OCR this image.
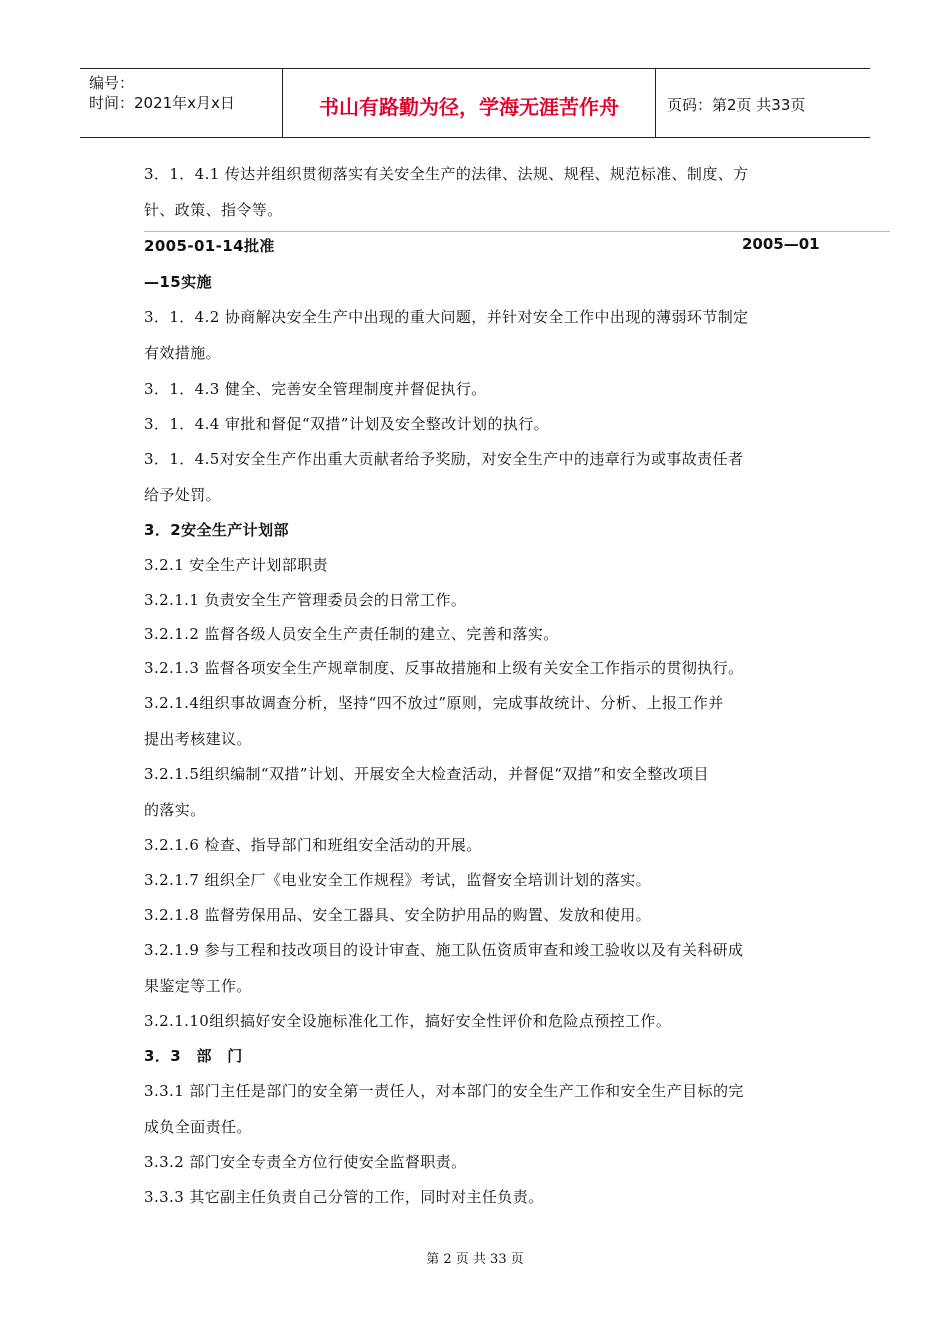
编号：
时间：2021年x月x日	书山有路勤为径，学海无涯苦作舟	页码：第2页 共33页
3．1．4.1 传达并组织贯彻落实有关安全生产的法律、法规、规程、规范标准、制度、方
针、政策、指令等。
2005-01-14批准	2005—01
—15实施
3．1．4.2 协商解决安全生产中出现的重大问题，并针对安全工作中出现的薄弱环节制定
有效措施。
3．1．4.3 健全、完善安全管理制度并督促执行。
3．1．4.4 审批和督促“双措”计划及安全整改计划的执行。
3．1．4.5对安全生产作出重大贡献者给予奖励，对安全生产中的违章行为或事故责任者
给予处罚。
3．2安全生产计划部
3.2.1 安全生产计划部职责
3.2.1.1 负责安全生产管理委员会的日常工作。
3.2.1.2 监督各级人员安全生产责任制的建立、完善和落实。
3.2.1.3 监督各项安全生产规章制度、反事故措施和上级有关安全工作指示的贯彻执行。
3.2.1.4组织事故调查分析，坚持“四不放过”原则，完成事故统计、分析、上报工作并
提出考核建议。
3.2.1.5组织编制“双措”计划、开展安全大检查活动，并督促“双措”和安全整改项目
的落实。
3.2.1.6 检查、指导部门和班组安全活动的开展。
3.2.1.7 组织全厂《电业安全工作规程》考试，监督安全培训计划的落实。
3.2.1.8 监督劳保用品、安全工器具、安全防护用品的购置、发放和使用。
3.2.1.9 参与工程和技改项目的设计审查、施工队伍资质审查和竣工验收以及有关科研成
果鉴定等工作。
3.2.1.10组织搞好安全设施标准化工作，搞好安全性评价和危险点预控工作。
3．3　部　门
3.3.1 部门主任是部门的安全第一责任人，对本部门的安全生产工作和安全生产目标的完
成负全面责任。
3.3.2 部门安全专责全方位行使安全监督职责。
3.3.3 其它副主任负责自己分管的工作，同时对主任负责。
第 2 页 共 33 页
